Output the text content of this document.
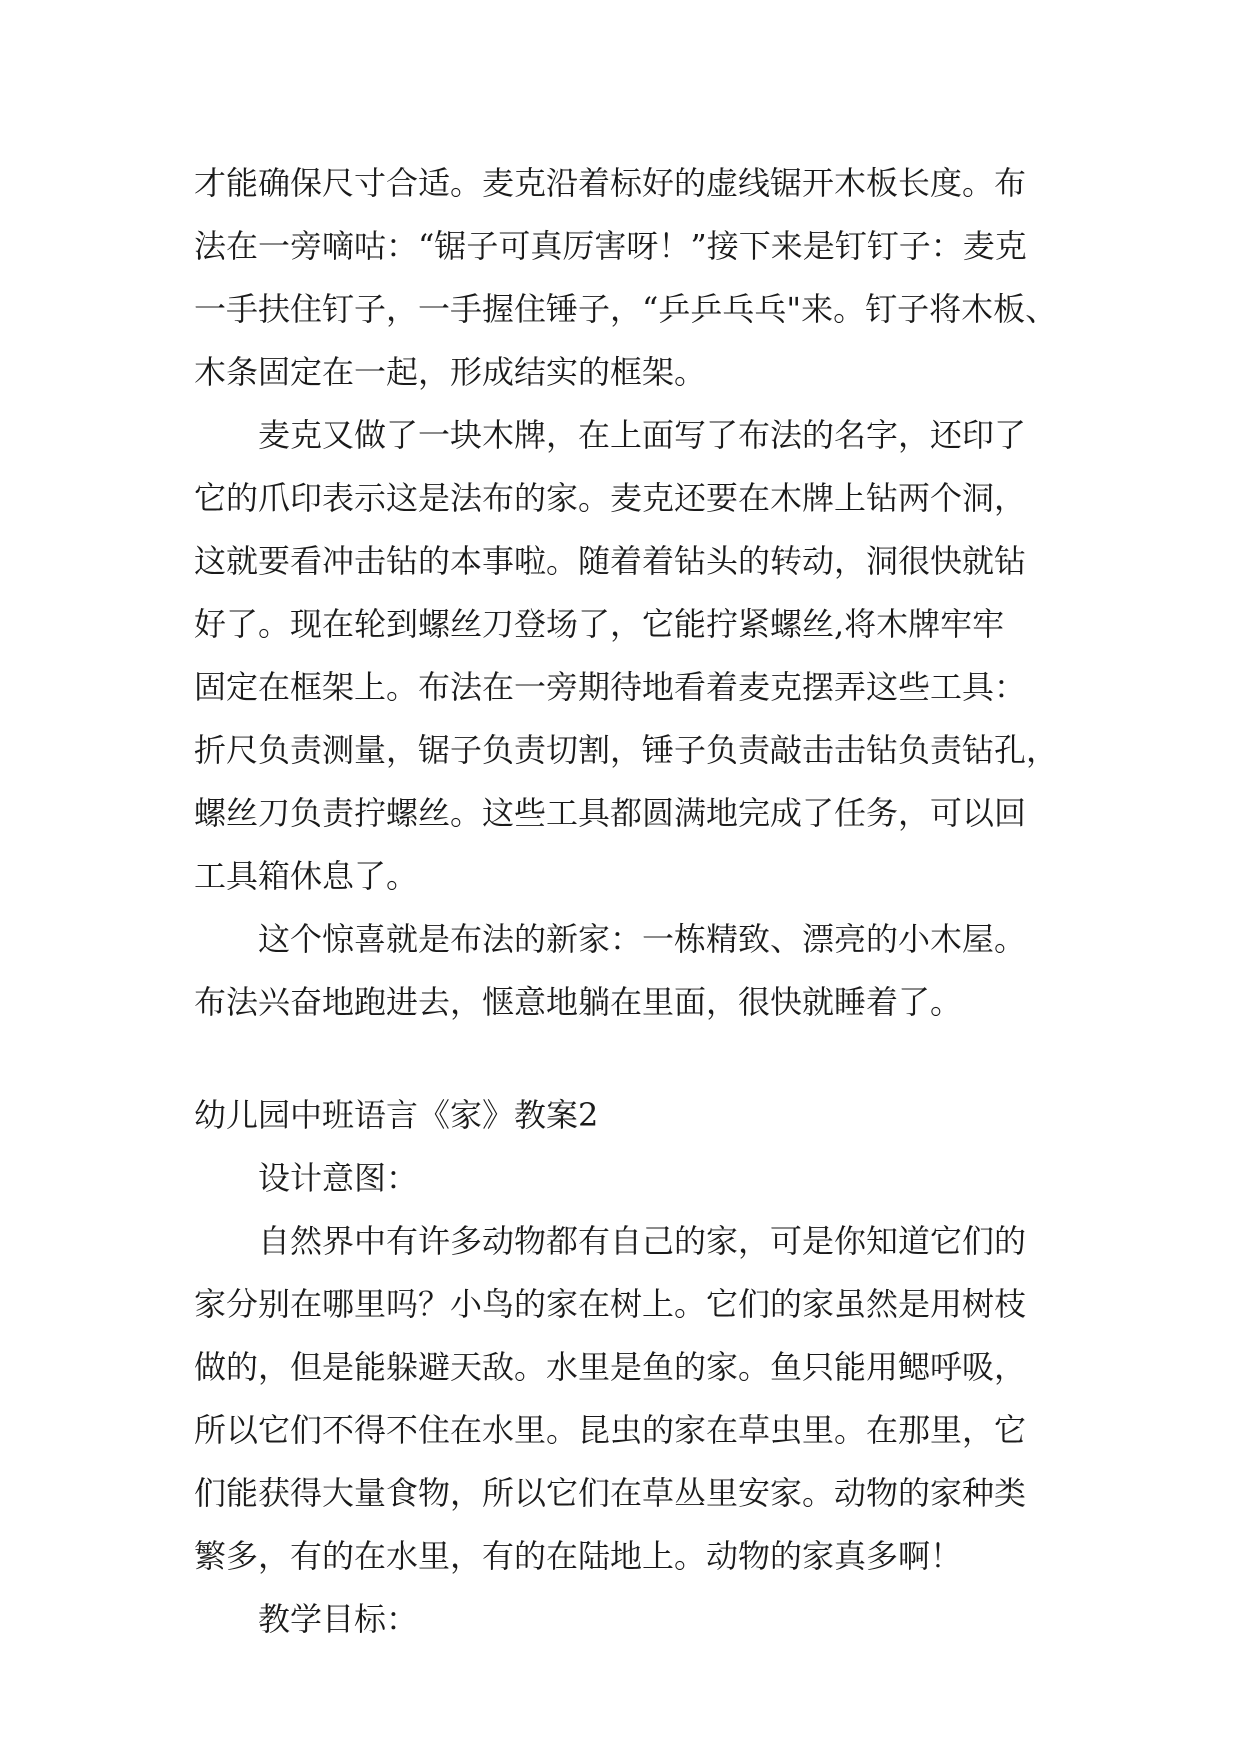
才能确保尺寸合适。麦克沿着标好的虚线锯开木板长度。布
法在一旁嘀咕：“锯子可真厉害呀！”接下来是钉钉子：麦克
一手扶住钉子，一手握住锤子，“乒乒乓乓"来。钉子将木板、
木条固定在一起，形成结实的框架。
麦克又做了一块木牌，在上面写了布法的名字，还印了
它的爪印表示这是法布的家。麦克还要在木牌上钻两个洞，
这就要看冲击钻的本事啦。随着着钻头的转动，洞很快就钻
好了。现在轮到螺丝刀登场了，它能拧紧螺丝,将木牌牢牢
固定在框架上。布法在一旁期待地看着麦克摆弄这些工具：
折尺负责测量，锯子负责切割，锤子负责敲击击钻负责钻孔，
螺丝刀负责拧螺丝。这些工具都圆满地完成了任务，可以回
工具箱休息了。
这个惊喜就是布法的新家：一栋精致、漂亮的小木屋。
布法兴奋地跑进去，惬意地躺在里面，很快就睡着了。
幼儿园中班语言《家》教案2
设计意图：
自然界中有许多动物都有自己的家，可是你知道它们的
家分别在哪里吗？小鸟的家在树上。它们的家虽然是用树枝
做的，但是能躲避天敌。水里是鱼的家。鱼只能用鳃呼吸，
所以它们不得不住在水里。昆虫的家在草虫里。在那里，它
们能获得大量食物，所以它们在草丛里安家。动物的家种类
繁多，有的在水里，有的在陆地上。动物的家真多啊！
教学目标：
